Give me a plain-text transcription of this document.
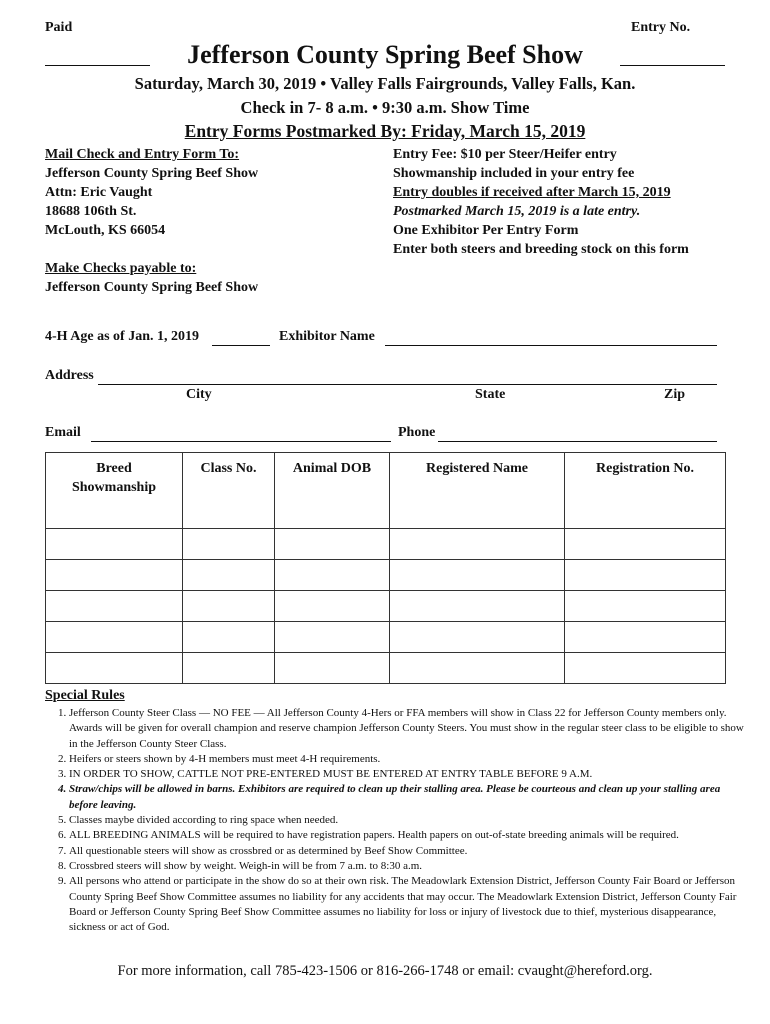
Paid	Entry No.
Jefferson County Spring Beef Show
Saturday, March 30, 2019 • Valley Falls Fairgrounds, Valley Falls, Kan.
Check in 7- 8 a.m. • 9:30 a.m. Show Time
Entry Forms Postmarked By: Friday, March 15, 2019
Mail Check and Entry Form To:
Jefferson County Spring Beef Show
Attn: Eric Vaught
18688 106th St.
McLouth, KS 66054
Make Checks payable to:
Jefferson County Spring Beef Show
Entry Fee: $10 per Steer/Heifer entry
Showmanship included in your entry fee
Entry doubles if received after March 15, 2019
Postmarked March 15, 2019 is a late entry.
One Exhibitor Per Entry Form
Enter both steers and breeding stock on this form
4-H Age as of Jan. 1, 2019	Exhibitor Name
Address
City	State	Zip
Email	Phone
Breed
Showmanship	Class No.	Animal DOB	Registered Name	Registration No.

Special Rules
1. Jefferson County Steer Class — NO FEE — All Jefferson County 4-Hers or FFA members will show in Class 22 for Jefferson County members only. Awards will be given for overall champion and reserve champion Jefferson County Steers. You must show in the regular steer class to be eligible to show in the Jefferson County Steer Class.
2. Heifers or steers shown by 4-H members must meet 4-H requirements.
3. IN ORDER TO SHOW, CATTLE NOT PRE-ENTERED MUST BE ENTERED AT ENTRY TABLE BEFORE 9 A.M.
4. Straw/chips will be allowed in barns. Exhibitors are required to clean up their stalling area. Please be courteous and clean up your stalling area before leaving.
5. Classes maybe divided according to ring space when needed.
6. ALL BREEDING ANIMALS will be required to have registration papers. Health papers on out-of-state breeding animals will be required.
7. All questionable steers will show as crossbred or as determined by Beef Show Committee.
8. Crossbred steers will show by weight. Weigh-in will be from 7 a.m. to 8:30 a.m.
9. All persons who attend or participate in the show do so at their own risk. The Meadowlark Extension District, Jefferson County Fair Board or Jefferson County Spring Beef Show Committee assumes no liability for any accidents that may occur. The Meadowlark Extension District, Jefferson County Fair Board or Jefferson County Spring Beef Show Committee assumes no liability for loss or injury of livestock due to thief, mysterious disappearance, sickness or act of God.
For more information, call 785-423-1506 or 816-266-1748 or email: cvaught@hereford.org.
